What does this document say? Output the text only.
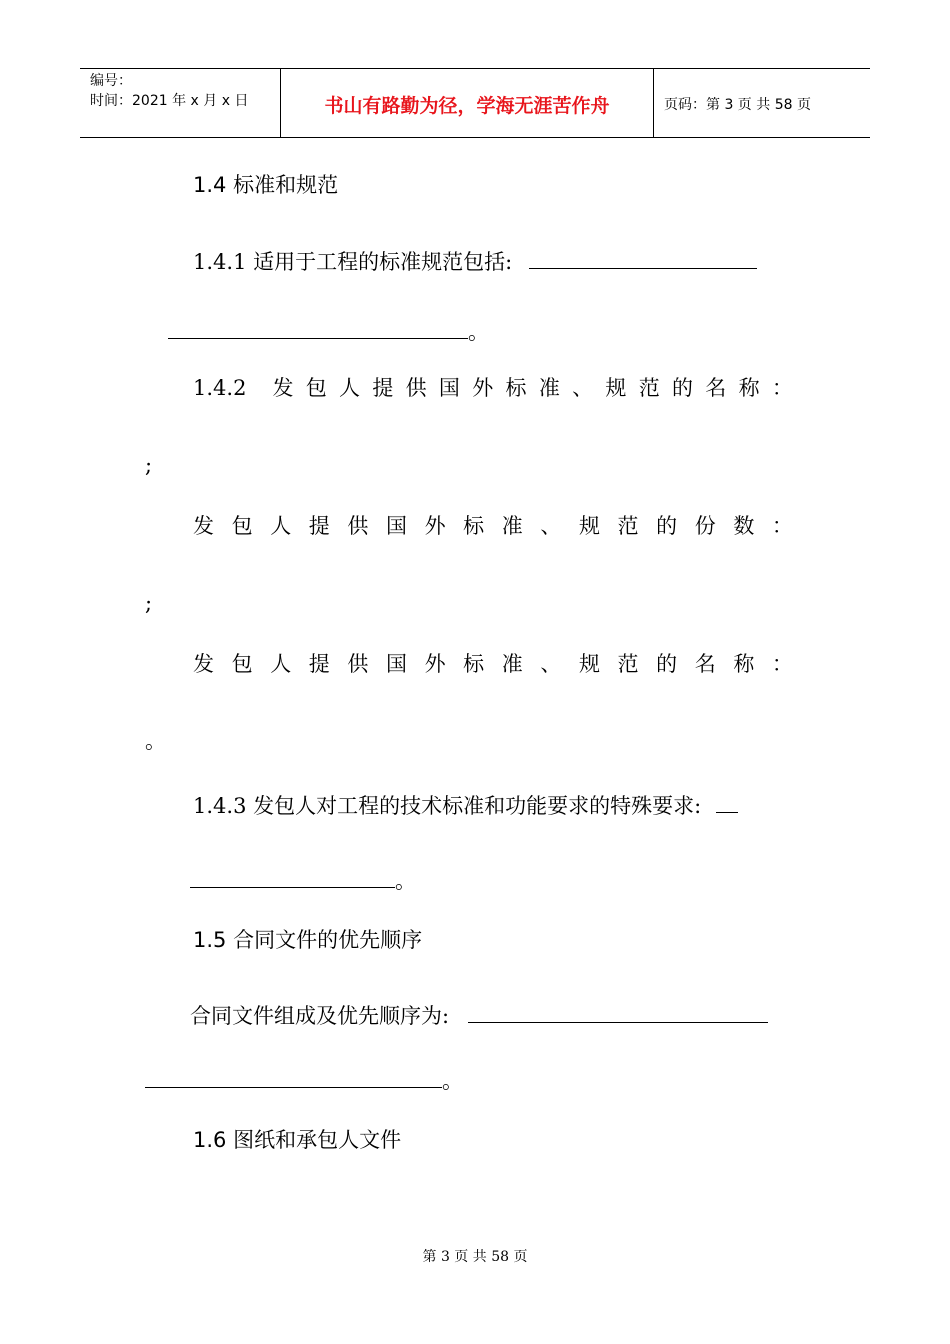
编号：
时间：2021 年 x 月 x 日	书山有路勤为径，学海无涯苦作舟	页码：第 3 页 共 58 页
1.4 标准和规范
1.4.1 适用于工程的标准规范包括:
。
1.4.2 发 包 人 提 供 国 外 标 准 、 规 范 的 名 称 ：
;
发 包 人 提 供 国 外 标 准 、 规 范 的 份 数 ：
;
发 包 人 提 供 国 外 标 准 、 规 范 的 名 称 ：
。
1.4.3 发包人对工程的技术标准和功能要求的特殊要求:
。
1.5 合同文件的优先顺序
合同文件组成及优先顺序为:
。
1.6 图纸和承包人文件
第 3 页 共 58 页
